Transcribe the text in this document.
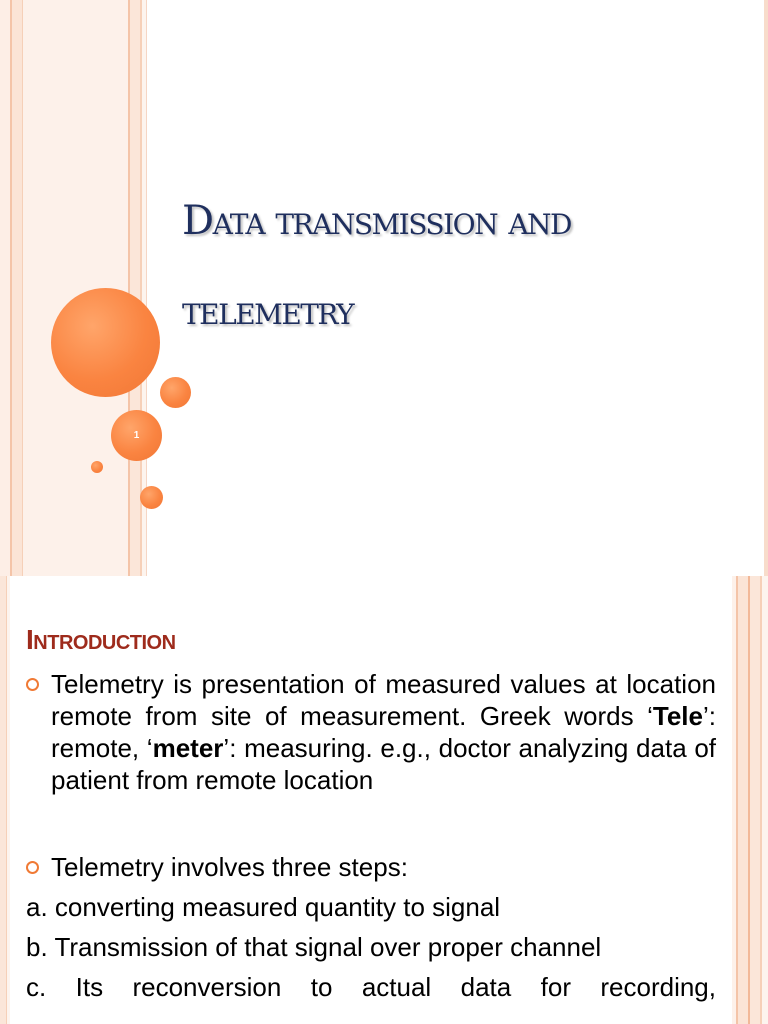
Data transmission and
telemetry
1
Introduction
Telemetry is presentation of measured values at location remote from site of measurement. Greek words ‘Tele’: remote, ‘meter’: measuring. e.g., doctor analyzing data of patient from remote location
Telemetry involves three steps:
a. converting measured quantity to signal
b. Transmission of that signal over proper channel
c. Its reconversion to actual data for recording,
